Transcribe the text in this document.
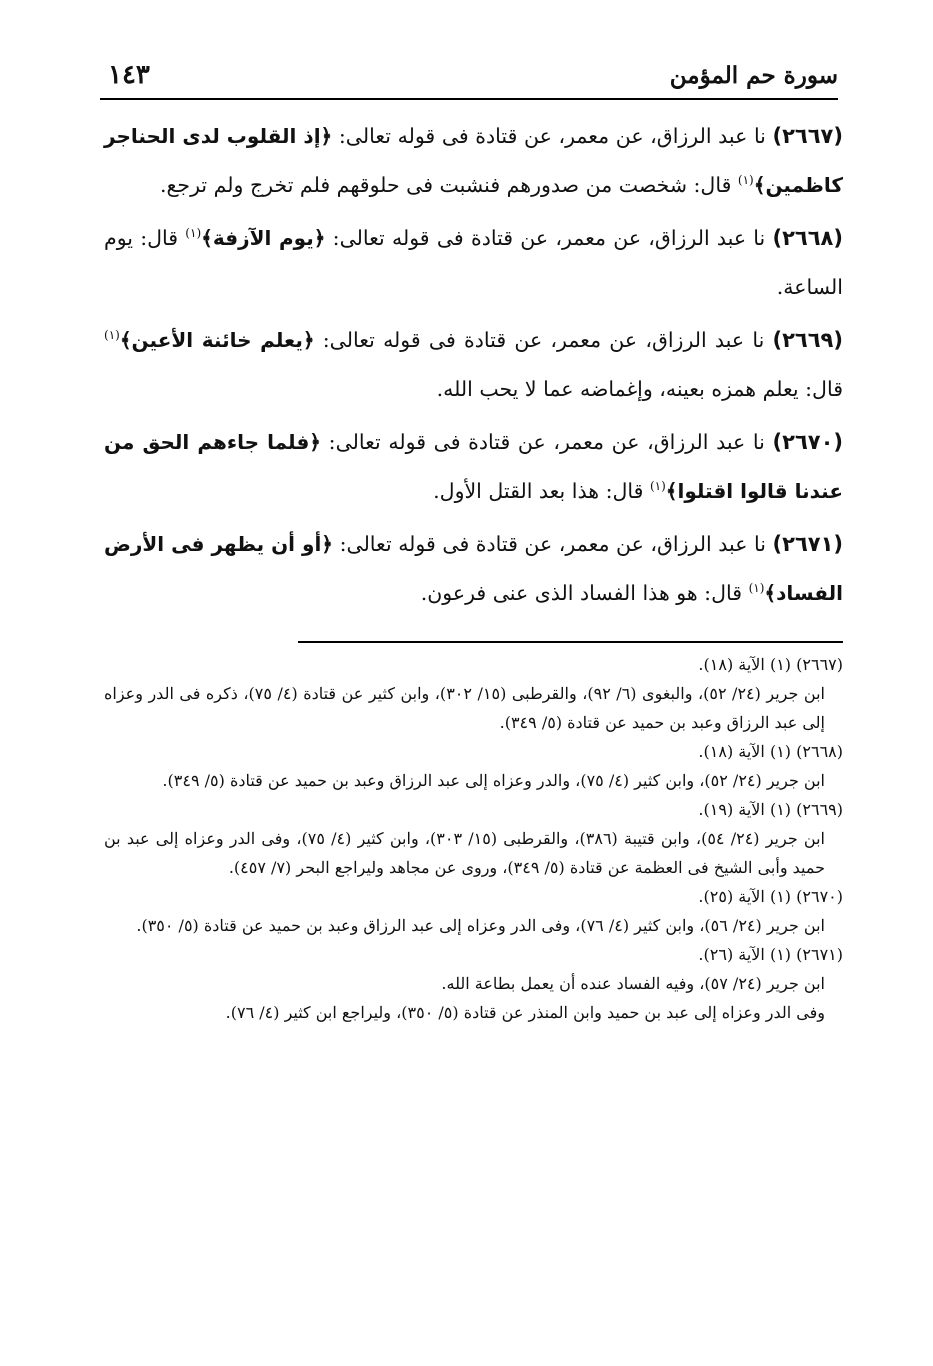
سورة حم المؤمن
١٤٣

(٢٦٦٧) نا عبد الرزاق، عن معمر، عن قتادة فى قوله تعالى: ﴿إذ القلوب لدى الحناجر كاظمين﴾$^{(١)}$ قال: شخصت من صدورهم فنشبت فى حلوقهم فلم تخرج ولم ترجع.

(٢٦٦٨) نا عبد الرزاق، عن معمر، عن قتادة فى قوله تعالى: ﴿يوم الآزفة﴾$^{(١)}$ قال: يوم الساعة.

(٢٦٦٩) نا عبد الرزاق، عن معمر، عن قتادة فى قوله تعالى: ﴿يعلم خائنة الأعين﴾$^{(١)}$ قال: يعلم همزه بعينه، وإغماضه عما لا يحب الله.

(٢٦٧٠) نا عبد الرزاق، عن معمر، عن قتادة فى قوله تعالى: ﴿فلما جاءهم الحق من عندنا قالوا اقتلوا﴾$^{(١)}$ قال: هذا بعد القتل الأول.

(٢٦٧١) نا عبد الرزاق، عن معمر، عن قتادة فى قوله تعالى: ﴿أو أن يظهر فى الأرض الفساد﴾$^{(١)}$ قال: هو هذا الفساد الذى عنى فرعون.

(٢٦٦٧) (١) الآية (١٨).

ابن جرير (٢٤/ ٥٢)، والبغوى (٦/ ٩٢)، والقرطبى (١٥/ ٣٠٢)، وابن كثير عن قتادة (٤/ ٧٥)، ذكره فى الدر وعزاه إلى عبد الرزاق وعبد بن حميد عن قتادة (٥/ ٣٤٩).

(٢٦٦٨) (١) الآية (١٨).

ابن جرير (٢٤/ ٥٢)، وابن كثير (٤/ ٧٥)، والدر وعزاه إلى عبد الرزاق وعبد بن حميد عن قتادة (٥/ ٣٤٩).

(٢٦٦٩) (١) الآية (١٩).

ابن جرير (٢٤/ ٥٤)، وابن قتيبة (٣٨٦)، والقرطبى (١٥/ ٣٠٣)، وابن كثير (٤/ ٧٥)، وفى الدر وعزاه إلى عبد بن حميد وأبى الشيخ فى العظمة عن قتادة (٥/ ٣٤٩)، وروى عن مجاهد وليراجع البحر (٧/ ٤٥٧).

(٢٦٧٠) (١) الآية (٢٥).

ابن جرير (٢٤/ ٥٦)، وابن كثير (٤/ ٧٦)، وفى الدر وعزاه إلى عبد الرزاق وعبد بن حميد عن قتادة (٥/ ٣٥٠).

(٢٦٧١) (١) الآية (٢٦).

ابن جرير (٢٤/ ٥٧)، وفيه الفساد عنده أن يعمل بطاعة الله.

وفى الدر وعزاه إلى عبد بن حميد وابن المنذر عن قتادة (٥/ ٣٥٠)، وليراجع ابن كثير (٤/ ٧٦).
